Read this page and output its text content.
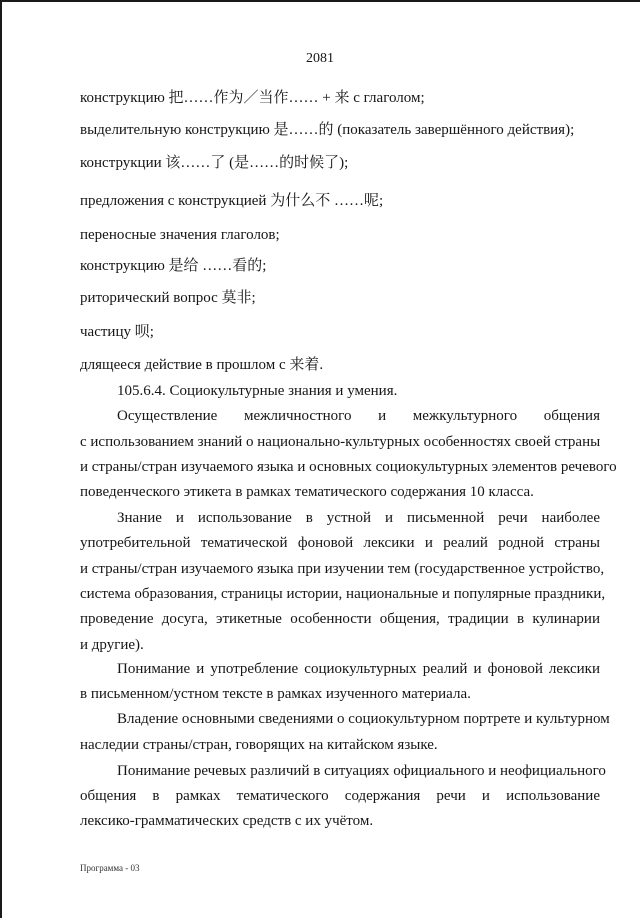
2081

конструкцию 把……作为／当作…… + 来 с глаголом;

выделительную конструкцию 是……的 (показатель завершённого действия);

конструкции 该……了 (是……的时候了);

предложения с конструкцией 为什么不 ……呢;

переносные значения глаголов;

конструкцию 是给 ……看的;

риторический вопрос 莫非;

частицу 呗;

длящееся действие в прошлом с 来着.

105.6.4. Социокультурные знания и умения.

Осуществление межличностного и межкультурного общения

с использованием знаний о национально-культурных особенностях своей страны

и страны/стран изучаемого языка и основных социокультурных элементов речевого

поведенческого этикета в рамках тематического содержания 10 класса.

Знание и использование в устной и письменной речи наиболее

употребительной тематической фоновой лексики и реалий родной страны

и страны/стран изучаемого языка при изучении тем (государственное устройство,

система образования, страницы истории, национальные и популярные праздники,

проведение досуга, этикетные особенности общения, традиции в кулинарии

и другие).

Понимание и употребление социокультурных реалий и фоновой лексики

в письменном/устном тексте в рамках изученного материала.

Владение основными сведениями о социокультурном портрете и культурном

наследии страны/стран, говорящих на китайском языке.

Понимание речевых различий в ситуациях официального и неофициального

общения в рамках тематического содержания речи и использование

лексико-грамматических средств с их учётом.

Программа - 03
